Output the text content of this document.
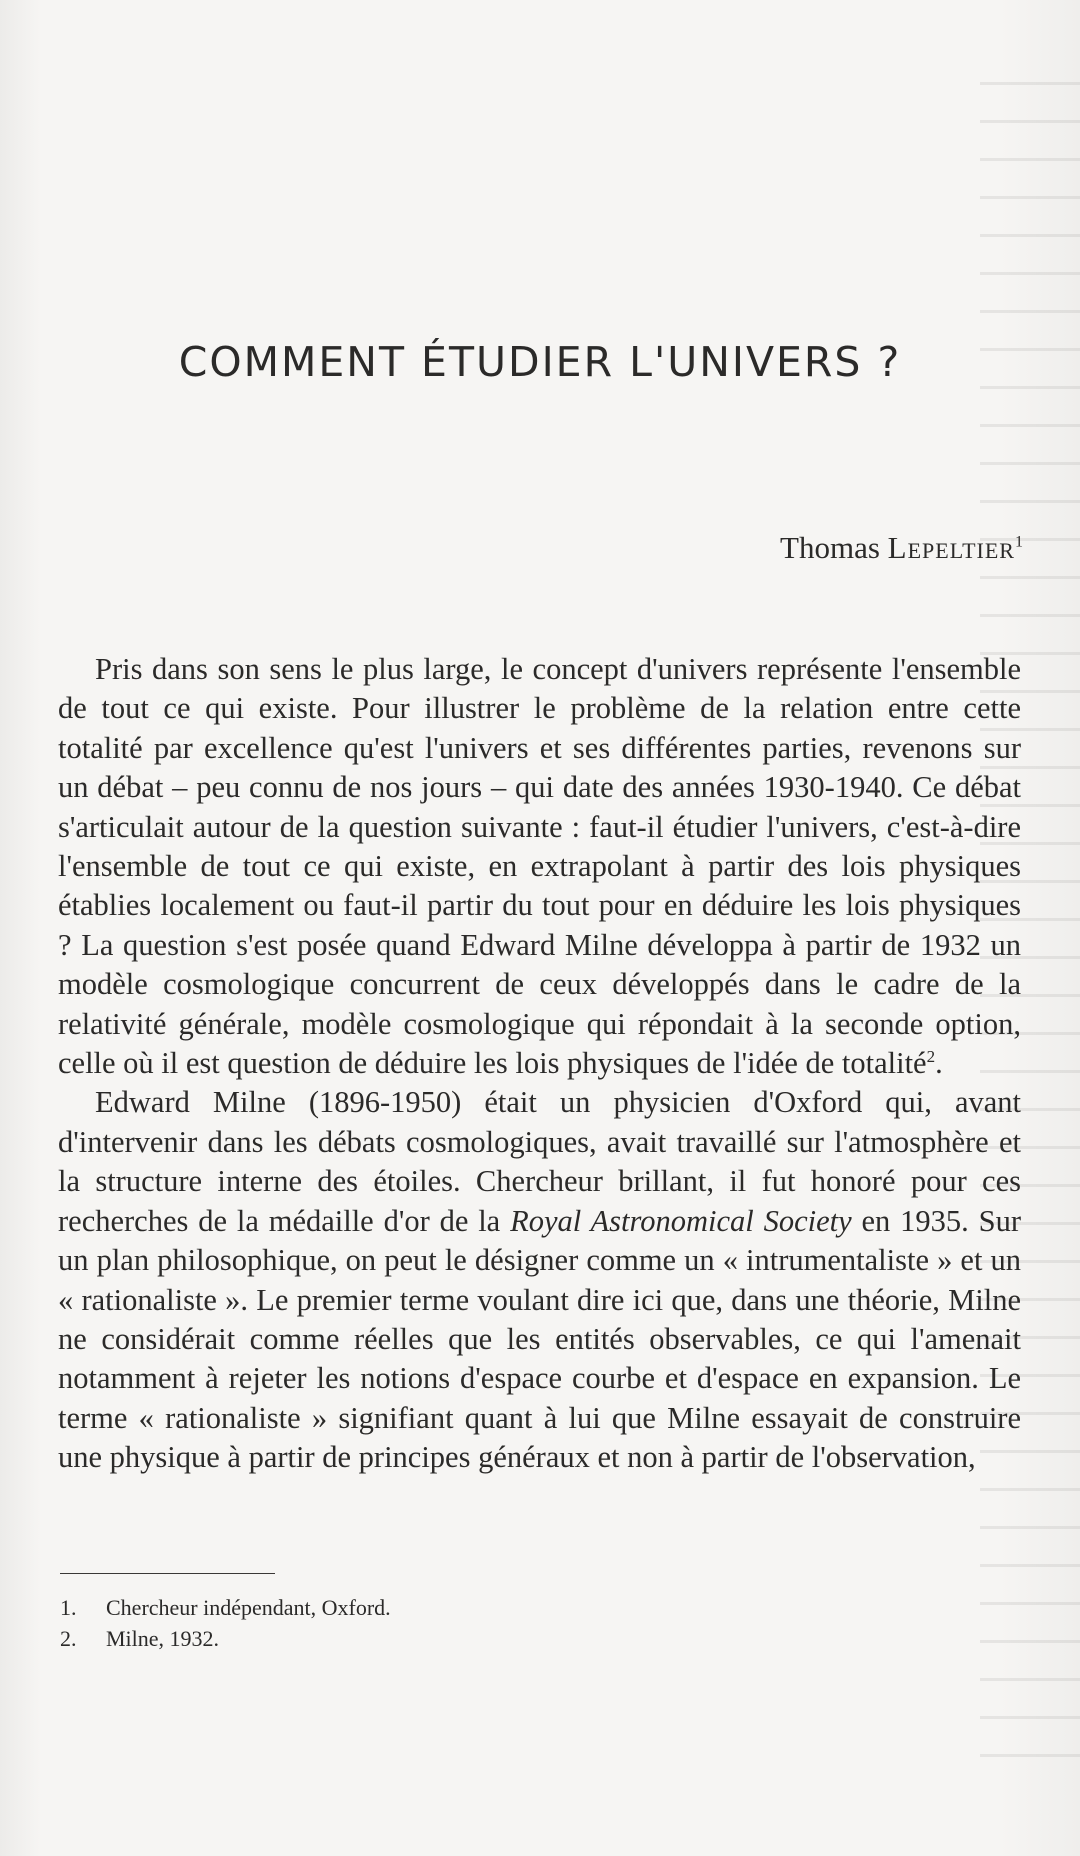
COMMENT ÉTUDIER L'UNIVERS ?
Thomas Lepeltier$^1$

Pris dans son sens le plus large, le concept d'univers représente l'ensemble de tout ce qui existe. Pour illustrer le problème de la relation entre cette totalité par excellence qu'est l'univers et ses différentes parties, revenons sur un débat – peu connu de nos jours – qui date des années 1930-1940. Ce débat s'articulait autour de la question suivante : faut-il étudier l'univers, c'est-à-dire l'ensemble de tout ce qui existe, en extrapolant à partir des lois physiques établies localement ou faut-il partir du tout pour en déduire les lois physiques ? La question s'est posée quand Edward Milne développa à partir de 1932 un modèle cosmologique concurrent de ceux développés dans le cadre de la relativité générale, modèle cosmologique qui répondait à la seconde option, celle où il est question de déduire les lois physiques de l'idée de totalité$^2$.

Edward Milne (1896-1950) était un physicien d'Oxford qui, avant d'intervenir dans les débats cosmologiques, avait travaillé sur l'atmosphère et la structure interne des étoiles. Chercheur brillant, il fut honoré pour ces recherches de la médaille d'or de la Royal Astronomical Society en 1935. Sur un plan philosophique, on peut le désigner comme un « intrumentaliste » et un « rationaliste ». Le premier terme voulant dire ici que, dans une théorie, Milne ne considérait comme réelles que les entités observables, ce qui l'amenait notamment à rejeter les notions d'espace courbe et d'espace en expansion. Le terme « rationaliste » signifiant quant à lui que Milne essayait de construire une physique à partir de principes généraux et non à partir de l'observation,

1. Chercheur indépendant, Oxford.
2. Milne, 1932.
